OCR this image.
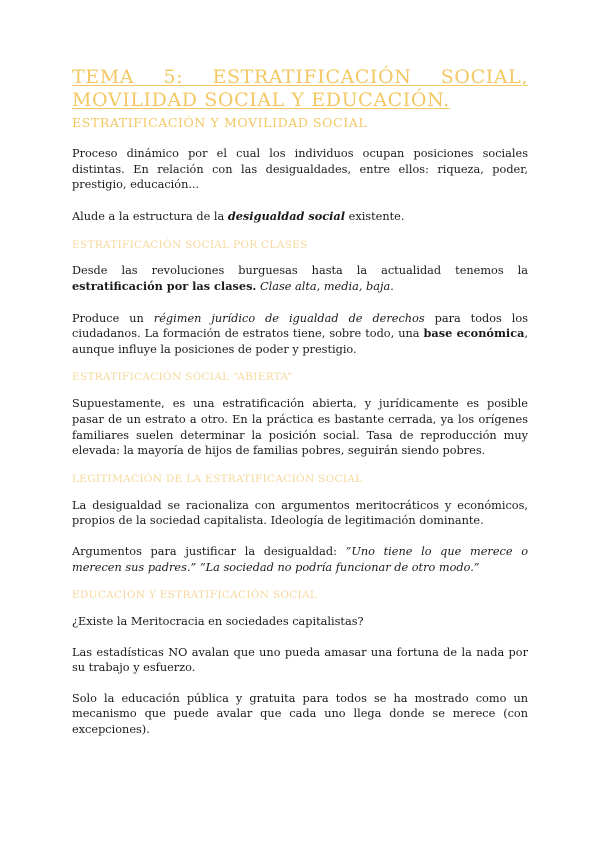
TEMA 5: ESTRATIFICACIÓN SOCIAL,
MOVILIDAD SOCIAL Y EDUCACIÓN.
ESTRATIFICACIÓN Y MOVILIDAD SOCIAL

Proceso dinámico por el cual los individuos ocupan posiciones sociales distintas. En relación con las desigualdades, entre ellos: riqueza, poder, prestigio, educación...

Alude a la estructura de la desigualdad social existente.

ESTRATIFICACIÓN SOCIAL POR CLASES

Desde las revoluciones burguesas hasta la actualidad tenemos la estratificación por las clases. Clase alta, media, baja.

Produce un régimen jurídico de igualdad de derechos para todos los ciudadanos. La formación de estratos tiene, sobre todo, una base económica, aunque influye la posiciones de poder y prestigio.

ESTRATIFICACIÓN SOCIAL “ABIERTA”

Supuestamente, es una estratificación abierta, y jurídicamente es posible pasar de un estrato a otro. En la práctica es bastante cerrada, ya los orígenes familiares suelen determinar la posición social. Tasa de reproducción muy elevada: la mayoría de hijos de familias pobres, seguirán siendo pobres.

LEGITIMACIÓN DE LA ESTRATIFICACIÓN SOCIAL

La desigualdad se racionaliza con argumentos meritocráticos y económicos, propios de la sociedad capitalista. Ideología de legitimación dominante.

Argumentos para justificar la desigualdad: ”Uno tiene lo que merece o merecen sus padres.” ”La sociedad no podría funcionar de otro modo.”

EDUCACIÓN Y ESTRATIFICACIÓN SOCIAL

¿Existe la Meritocracia en sociedades capitalistas?

Las estadísticas NO avalan que uno pueda amasar una fortuna de la nada por su trabajo y esfuerzo.

Solo la educación pública y gratuita para todos se ha mostrado como un mecanismo que puede avalar que cada uno llega donde se merece (con excepciones).
